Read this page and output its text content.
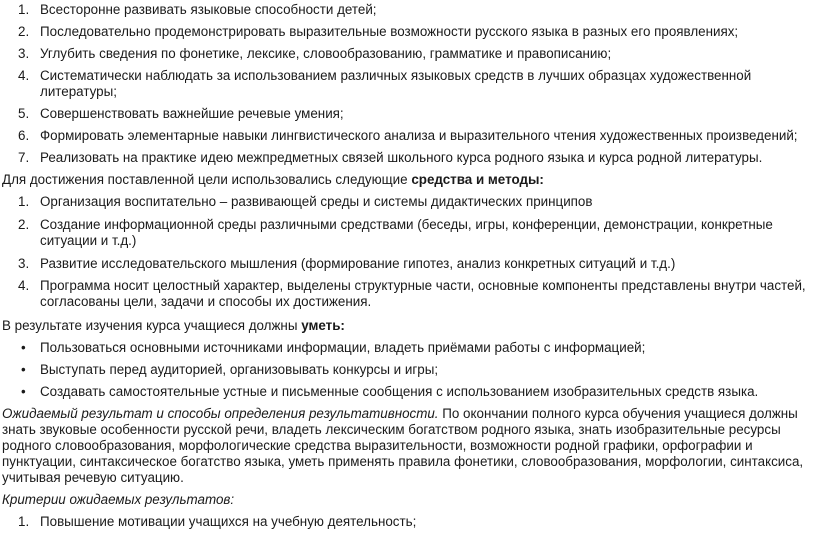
1. Всесторонне развивать языковые способности детей;
2. Последовательно продемонстрировать выразительные возможности русского языка в разных его проявлениях;
3. Углубить сведения по фонетике, лексике, словообразованию, грамматике и правописанию;
4. Систематически наблюдать за использованием различных языковых средств в лучших образцах художественной литературы;
5. Совершенствовать важнейшие речевые умения;
6. Формировать элементарные навыки лингвистического анализа и выразительного чтения художественных произведений;
7. Реализовать на практике идею межпредметных связей школьного курса родного языка и курса родной литературы.
Для достижения поставленной цели использовались следующие средства и методы:
1. Организация воспитательно – развивающей среды и системы дидактических принципов
2. Создание информационной среды различными средствами (беседы, игры, конференции, демонстрации, конкретные ситуации и т.д.)
3. Развитие исследовательского мышления (формирование гипотез, анализ конкретных ситуаций и т.д.)
4. Программа носит целостный характер, выделены структурные части, основные компоненты представлены внутри частей, согласованы цели, задачи и способы их достижения.
В результате изучения курса учащиеся должны уметь:
•	Пользоваться основными источниками информации, владеть приёмами работы с информацией;
•	Выступать перед аудиторией, организовывать конкурсы и игры;
•	Создавать самостоятельные устные и письменные сообщения с использованием изобразительных средств языка.
Ожидаемый результат и способы определения результативности. По окончании полного курса обучения учащиеся должны знать звуковые особенности русской речи, владеть лексическим богатством родного языка, знать изобразительные ресурсы родного словообразования, морфологические средства выразительности, возможности родной графики, орфографии и пунктуации, синтаксическое богатство языка, уметь применять правила фонетики, словообразования, морфологии, синтаксиса, учитывая речевую ситуацию.
Критерии ожидаемых результатов:
1. Повышение мотивации учащихся на учебную деятельность;
